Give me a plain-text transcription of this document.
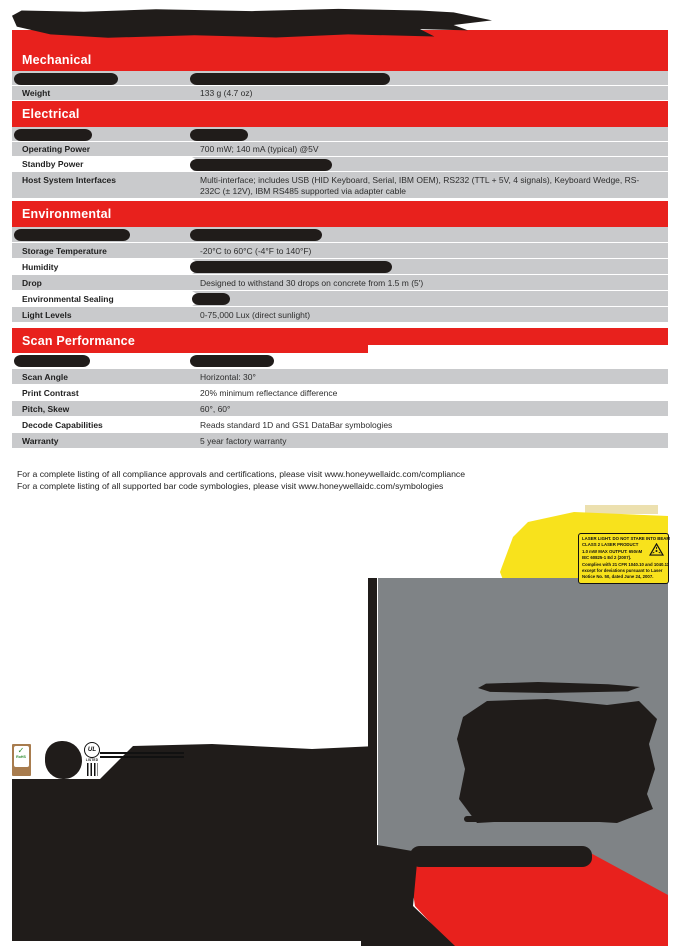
Mechanical
Weight	133 g (4.7 oz)
Electrical
Operating Power	700 mW; 140 mA (typical) @5V
Standby Power
Host System Interfaces	Multi-interface; includes USB (HID Keyboard, Serial, IBM OEM), RS232 (TTL + 5V, 4 signals), Keyboard Wedge, RS-232C (± 12V), IBM RS485 supported via adapter cable
Environmental
Storage Temperature	-20°C to 60°C (-4°F to 140°F)
Humidity
Drop	Designed to withstand 30 drops on concrete from 1.5 m (5')
Environmental Sealing
Light Levels	0-75,000 Lux (direct sunlight)
Scan Performance
Scan Angle	Horizontal: 30°
Print Contrast	20% minimum reflectance difference
Pitch, Skew	60°, 60°
Decode Capabilities	Reads standard 1D and GS1 DataBar symbologies
Warranty	5 year factory warranty
For a complete listing of all compliance approvals and certifications, please visit www.honeywellaidc.com/compliance
For a complete listing of all supported bar code symbologies, please visit www.honeywellaidc.com/symbologies
LASER LIGHT. DO NOT STARE INTO BEAM
CLASS 2 LASER PRODUCT
1.0 mW MAX OUTPUT: 650nM
IEC 60825-1 Ed 2 (2007).
Complies with 21 CFR 1040.10 and 1040.11
except for deviations pursuant to Laser
Notice No. 50, dated June 24, 2007.
✓
RoHS
UL
LISTED
